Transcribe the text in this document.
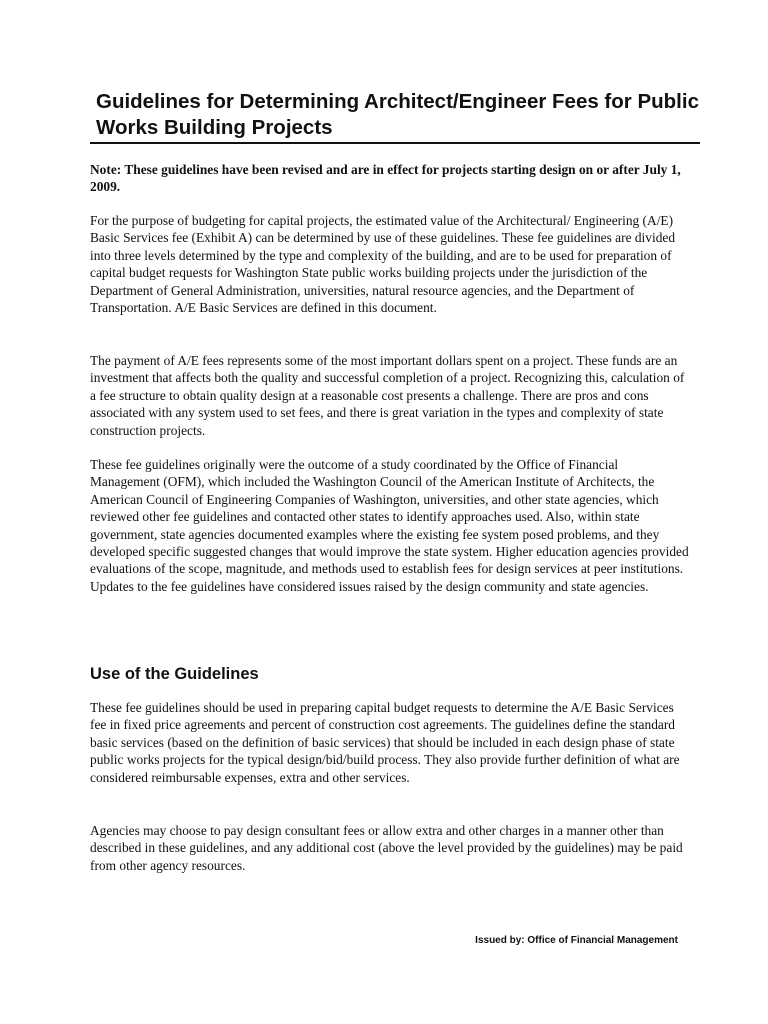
Guidelines for Determining Architect/Engineer Fees for Public Works Building Projects

Note: These guidelines have been revised and are in effect for projects starting design on or after July 1, 2009.

For the purpose of budgeting for capital projects, the estimated value of the Architectural/ Engineering (A/E) Basic Services fee (Exhibit A) can be determined by use of these guidelines. These fee guidelines are divided into three levels determined by the type and complexity of the building, and are to be used for preparation of capital budget requests for Washington State public works building projects under the jurisdiction of the Department of General Administration, universities, natural resource agencies, and the Department of Transportation. A/E Basic Services are defined in this document.

The payment of A/E fees represents some of the most important dollars spent on a project. These funds are an investment that affects both the quality and successful completion of a project. Recognizing this, calculation of a fee structure to obtain quality design at a reasonable cost presents a challenge. There are pros and cons associated with any system used to set fees, and there is great variation in the types and complexity of state construction projects.

These fee guidelines originally were the outcome of a study coordinated by the Office of Financial Management (OFM), which included the Washington Council of the American Institute of Architects, the American Council of Engineering Companies of Washington, universities, and other state agencies, which reviewed other fee guidelines and contacted other states to identify approaches used. Also, within state government, state agencies documented examples where the existing fee system posed problems, and they developed specific suggested changes that would improve the state system. Higher education agencies provided evaluations of the scope, magnitude, and methods used to establish fees for design services at peer institutions. Updates to the fee guidelines have considered issues raised by the design community and state agencies.

Use of the Guidelines

These fee guidelines should be used in preparing capital budget requests to determine the A/E Basic Services fee in fixed price agreements and percent of construction cost agreements. The guidelines define the standard basic services (based on the definition of basic services) that should be included in each design phase of state public works projects for the typical design/bid/build process. They also provide further definition of what are considered reimbursable expenses, extra and other services.

Agencies may choose to pay design consultant fees or allow extra and other charges in a manner other than described in these guidelines, and any additional cost (above the level provided by the guidelines) may be paid from other agency resources.

Issued by: Office of Financial Management
